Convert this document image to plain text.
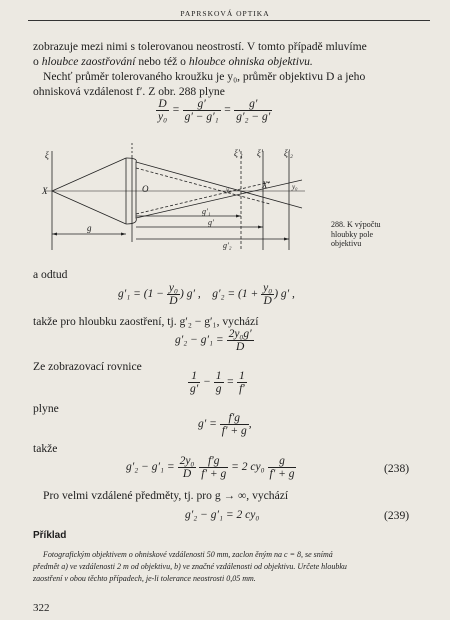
PAPRSKOVÁ OPTIKA
zobrazuje mezi nimi s tolerovanou neostrostí. V tomto případě mluvíme
o hloubce zaostřování nebo též o hloubce ohniska objektivu.
Nechť průměr tolerovaného kroužku je y₀, průměr objektivu D a jeho
ohnisková vzdálenost f′. Z obr. 288 plyne
$\frac{D}{\text{y₀}} = \frac{g'}{\text{g′ − g′₁}} = \frac{g'}{\text{g′₂ − g′}}$
ξ	ξ′₁ ξ′ ξ′₂
X	O	X′
y₀	y₀
g
g′₁
g′
g′₂
288. K výpočtu hloubky pole objektivu
a odtud
$g'_1 = (1 - \frac{\text{y₀}}{D}$ ) g′ , $g'_2 = (1 + \frac{\text{y₀}}{D}$ ) g′ ,
takže pro hloubku zaostření, tj. g′₂ − g′₁, vychází
$g'_2 - g'_1 = \frac{\text{2y₀g′}}{D}$
Ze zobrazovací rovnice
$\frac{1}{g'} - \frac{1}{g} = \frac{1}{f'}$
plyne
$g' = \frac{f'g}{f' + g}$ ,
takže
$g'_2 - g'_1 = \frac{\text{2y₀}}{D}$
$\frac{f'g}{f' + g} = 2$ $cy_0 \frac{g}{f' + g}$	(238)
Pro velmi vzdálené předměty, tj. pro g → ∞, vychází
g′₂ − g′₁ = 2 cy₀	(239)
Příklad
Fotografickým objektivem o ohniskové vzdálenosti 50 mm, zaclon ěným na c = 8, se snímá
předmět a) ve vzdálenosti 2 m od objektivu, b) ve značné vzdálenosti od objektivu. Určete hloubku
zaostření v obou těchto případech, je-li tolerance neostrosti 0,05 mm.
322
